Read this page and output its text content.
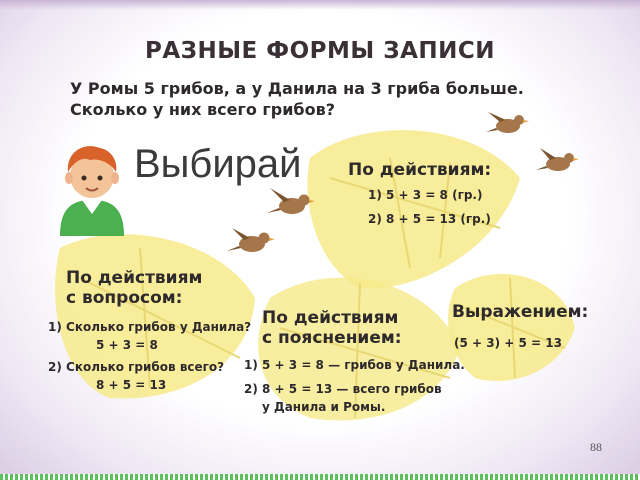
РАЗНЫЕ ФОРМЫ ЗАПИСИ
У Ромы 5 грибов, а у Данила на 3 гриба больше.
Сколько у них всего грибов?
Выбирай	По действиям:
1) 5 + 3 = 8 (гр.)
2) 8 + 5 = 13 (гр.)
По действиям
с вопросом:
1) Сколько грибов у Данила?
5 + 3 = 8
2) Сколько грибов всего?
8 + 5 = 13
По действиям
с пояснением:
1) 5 + 3 = 8 — грибов у Данила.
2) 8 + 5 = 13 — всего грибов
у Данила и Ромы.
Выражением:
(5 + 3) + 5 = 13
88
